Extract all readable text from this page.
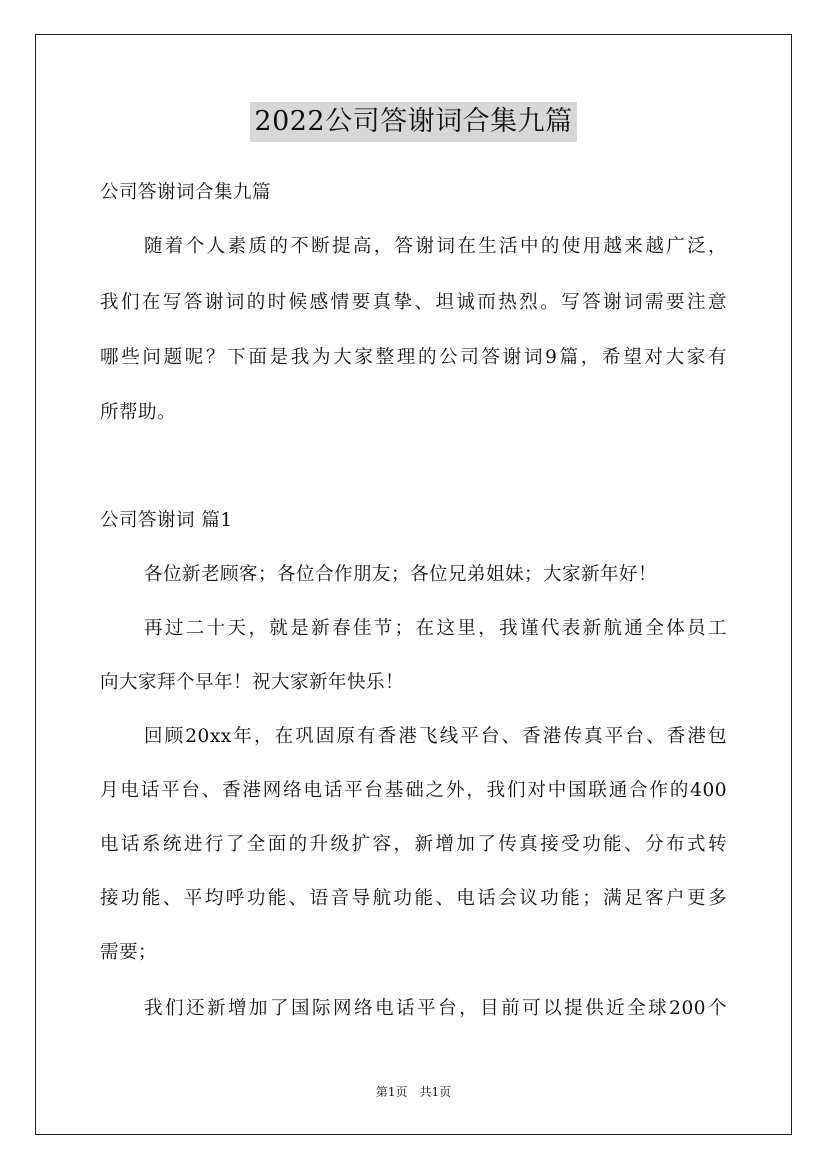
2022公司答谢词合集九篇
公司答谢词合集九篇
随着个人素质的不断提高，答谢词在生活中的使用越来越广泛，
我们在写答谢词的时候感情要真挚、坦诚而热烈。写答谢词需要注意
哪些问题呢？下面是我为大家整理的公司答谢词9篇，希望对大家有
所帮助。
公司答谢词 篇1
各位新老顾客；各位合作朋友；各位兄弟姐妹；大家新年好！
再过二十天，就是新春佳节；在这里，我谨代表新航通全体员工
向大家拜个早年！祝大家新年快乐！
回顾20xx年，在巩固原有香港飞线平台、香港传真平台、香港包
月电话平台、香港网络电话平台基础之外，我们对中国联通合作的400
电话系统进行了全面的升级扩容，新增加了传真接受功能、分布式转
接功能、平均呼功能、语音导航功能、电话会议功能；满足客户更多
需要；
我们还新增加了国际网络电话平台，目前可以提供近全球200个
第1页　共1页
